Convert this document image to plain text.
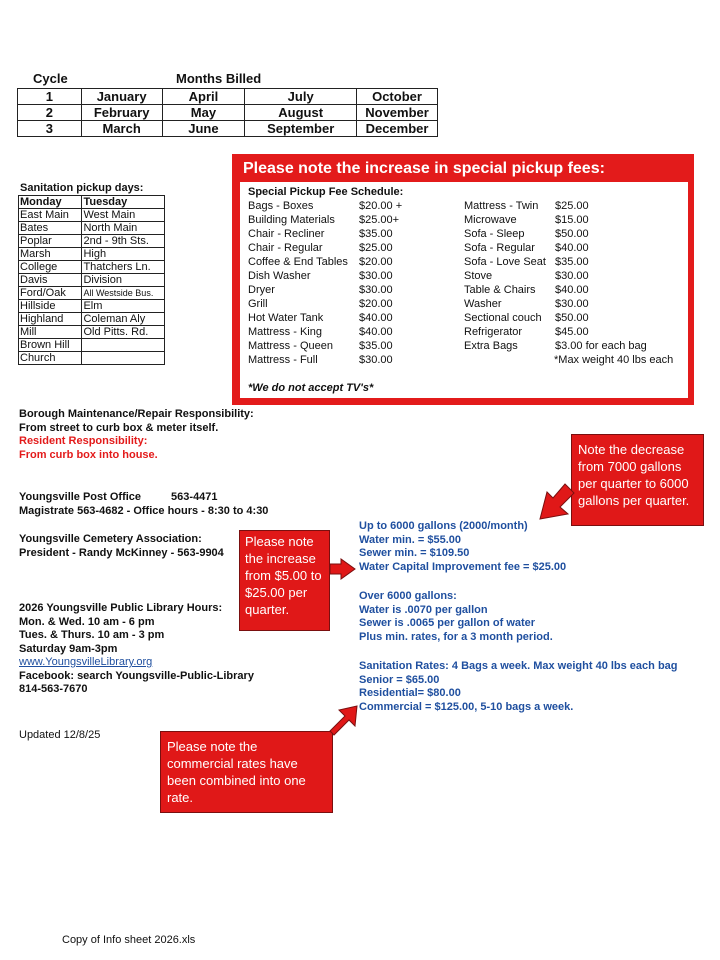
Cycle	Months Billed
1	January	April	July	October
2	February	May	August	November
3	March	June	September	December
Sanitation pickup days:
Monday	Tuesday
East Main	West Main
Bates	North Main
Poplar	2nd - 9th Sts.
Marsh	High
College	Thatchers Ln.
Davis	Division
Ford/Oak	All Westside Bus.
Hillside	Elm
Highland	Coleman Aly
Mill	Old Pitts. Rd.
Brown Hill	
Church	
Please note the increase in special pickup fees:
Special Pickup Fee Schedule:
Bags - Boxes	$20.00 +
Building Materials $25.00+
Chair - Recliner	$35.00
Chair - Regular	$25.00
Coffee & End Tables $20.00
Dish Washer	$30.00
Dryer	$30.00
Grill	$20.00
Hot Water Tank	$40.00
Mattress - King	$40.00
Mattress - Queen $35.00
Mattress - Full	$30.00
Mattress - Twin $25.00
Microwave	$15.00
Sofa - Sleep	$50.00
Sofa - Regular $40.00
Sofa - Love Seat $35.00
Stove	$30.00
Table & Chairs $40.00
Washer	$30.00
Sectional couch $50.00
Refrigerator	$45.00
Extra Bags	$3.00 for each bag
*Max weight 40 lbs each
*We do not accept TV's*
Borough Maintenance/Repair Responsibility:
From street to curb box & meter itself.
Resident Responsibility:
From curb box into house.
Youngsville Post Office	563-4471
Magistrate 563-4682 - Office hours - 8:30 to 4:30
Youngsville Cemetery Association:
President - Randy McKinney - 563-9904
2026 Youngsville Public Library Hours:
Mon. & Wed. 10 am - 6 pm
Tues. & Thurs. 10 am - 3 pm
Saturday 9am-3pm
www.YoungsvilleLibrary.org
Facebook: search Youngsville-Public-Library
814-563-7670
Updated 12/8/25
Copy of Info sheet 2026.xls
Up to 6000 gallons (2000/month)
Water min. = $55.00
Sewer min. = $109.50
Water Capital Improvement fee = $25.00
Over 6000 gallons:
Water is .0070 per gallon
Sewer is .0065 per gallon of water
Plus min. rates, for a 3 month period.
Sanitation Rates: 4 Bags a week. Max weight 40 lbs each bag
Senior = $65.00
Residential= $80.00
Commercial = $125.00, 5-10 bags a week.
Note the decrease from 7000 gallons per quarter to 6000 gallons per quarter.
Please note the increase from $5.00 to $25.00 per quarter.
Please note the commercial rates have been combined into one rate.
